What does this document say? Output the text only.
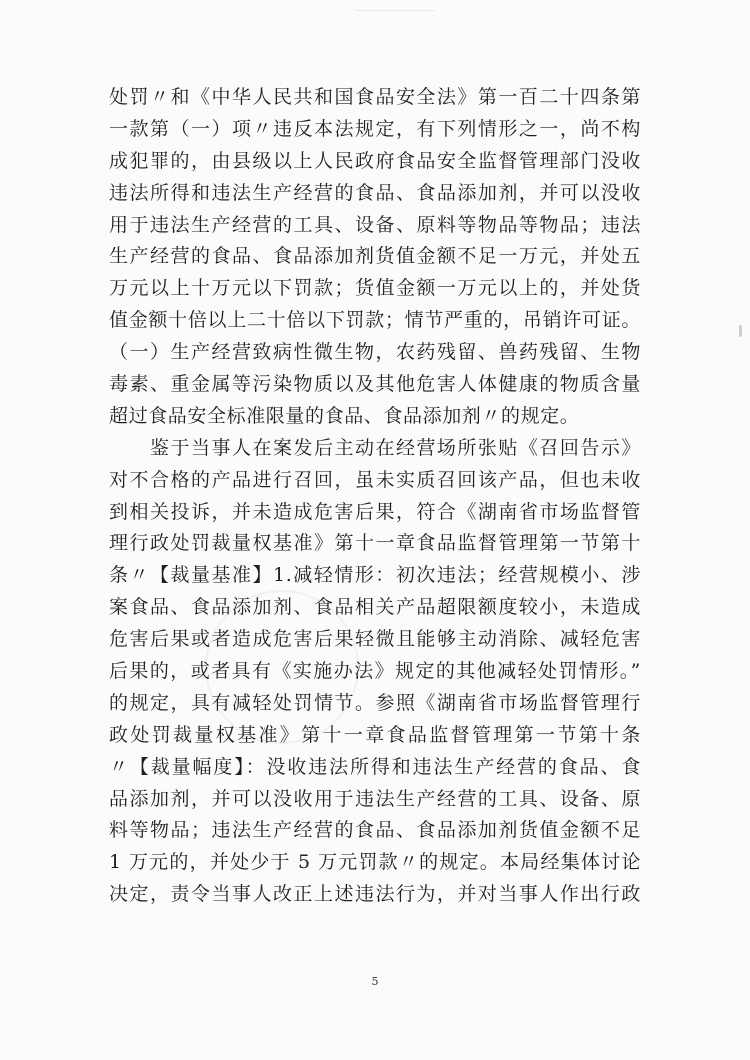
处罚〃和《中华人民共和国食品安全法》第一百二十四条第
一款第（一）项〃违反本法规定，有下列情形之一，尚不构
成犯罪的，由县级以上人民政府食品安全监督管理部门没收
违法所得和违法生产经营的食品、食品添加剂，并可以没收
用于违法生产经营的工具、设备、原料等物品等物品；违法
生产经营的食品、食品添加剂货值金额不足一万元，并处五
万元以上十万元以下罚款；货值金额一万元以上的，并处货
值金额十倍以上二十倍以下罚款；情节严重的，吊销许可证。
（一）生产经营致病性微生物，农药残留、兽药残留、生物
毒素、重金属等污染物质以及其他危害人体健康的物质含量
超过食品安全标准限量的食品、食品添加剂〃的规定。
　　鉴于当事人在案发后主动在经营场所张贴《召回告示》
对不合格的产品进行召回，虽未实质召回该产品，但也未收
到相关投诉，并未造成危害后果，符合《湖南省市场监督管
理行政处罚裁量权基准》第十一章食品监督管理第一节第十
条〃【裁量基准】1.减轻情形：初次违法；经营规模小、涉
案食品、食品添加剂、食品相关产品超限额度较小，未造成
危害后果或者造成危害后果轻微且能够主动消除、减轻危害
后果的，或者具有《实施办法》规定的其他减轻处罚情形。”
的规定，具有减轻处罚情节。参照《湖南省市场监督管理行
政处罚裁量权基准》第十一章食品监督管理第一节第十条
〃【裁量幅度】：没收违法所得和违法生产经营的食品、食
品添加剂，并可以没收用于违法生产经营的工具、设备、原
料等物品；违法生产经营的食品、食品添加剂货值金额不足
1 万元的，并处少于 5 万元罚款〃的规定。本局经集体讨论
决定，责令当事人改正上述违法行为，并对当事人作出行政
5
